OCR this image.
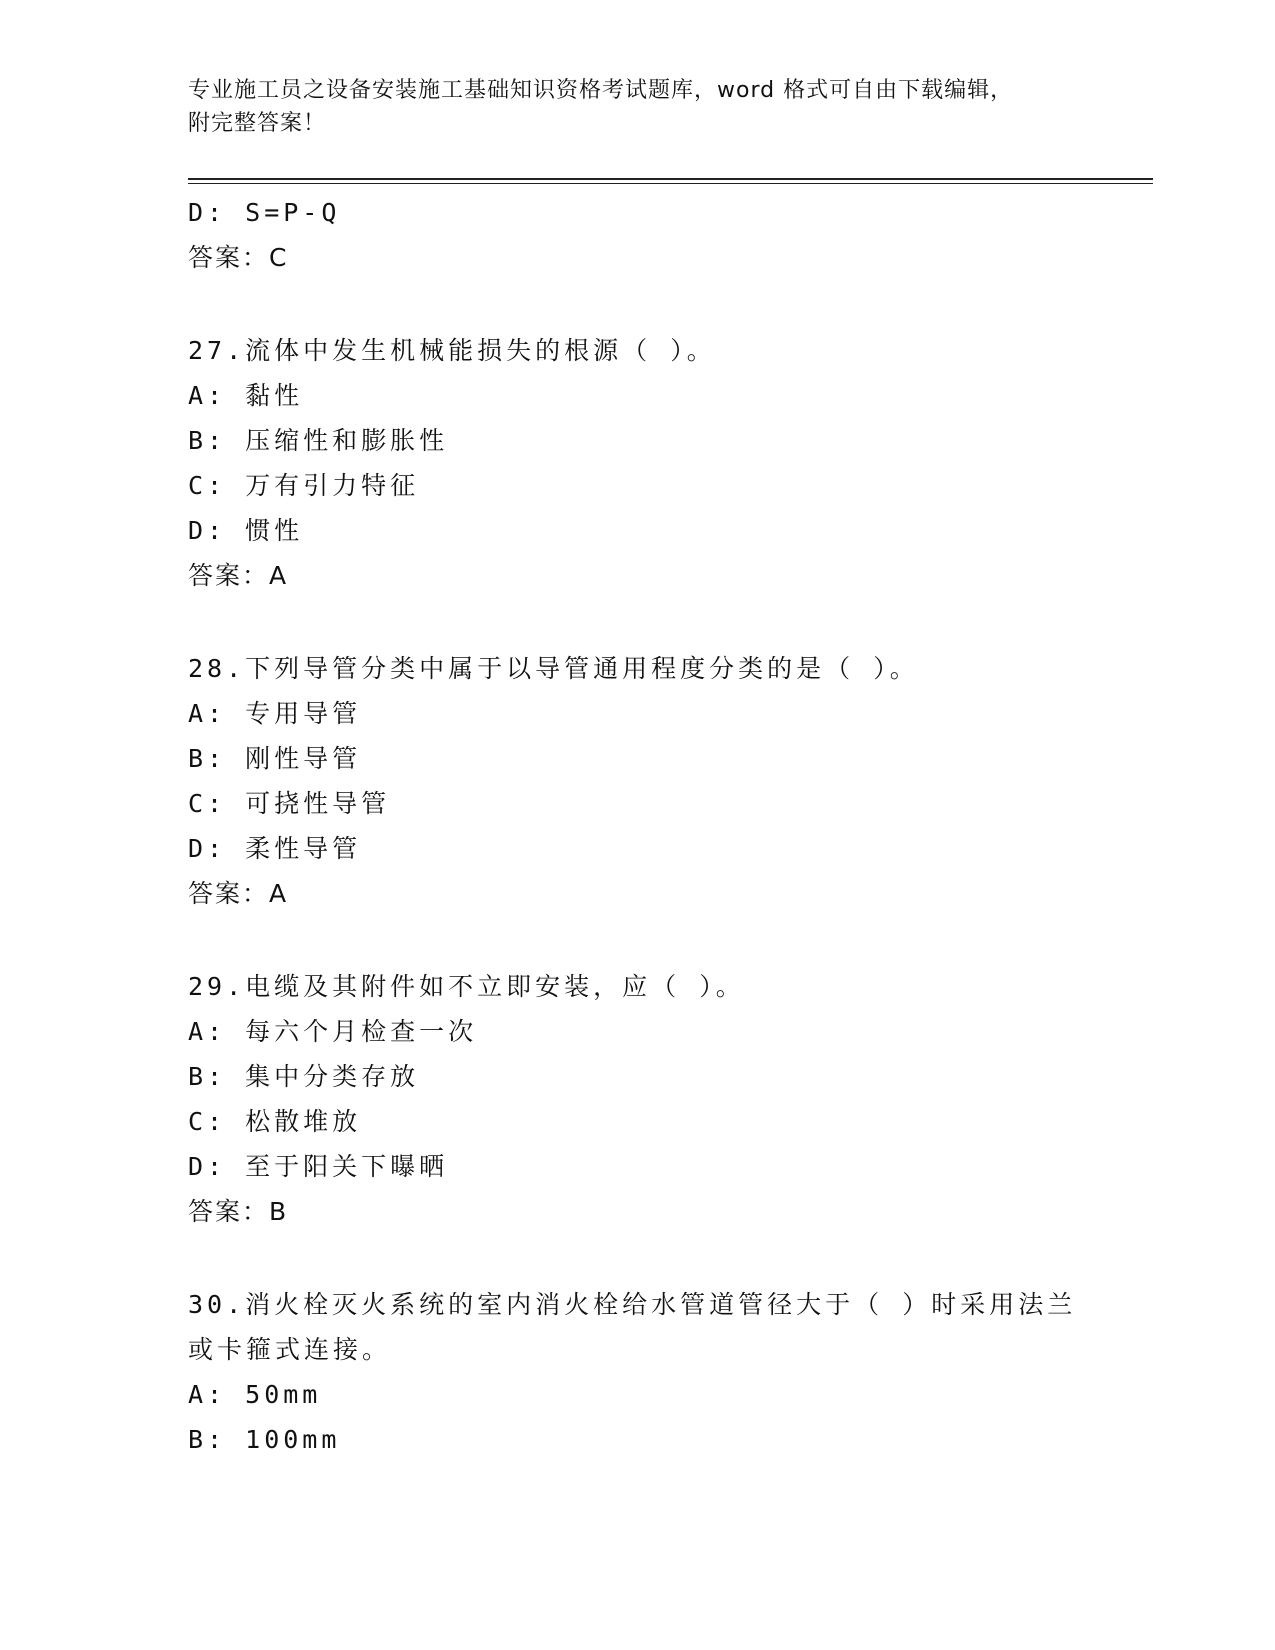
专业施工员之设备安装施工基础知识资格考试题库，word 格式可自由下载编辑，
附完整答案！
D: S=P-Q
答案：C
27.流体中发生机械能损失的根源（ ）。
A: 黏性
B: 压缩性和膨胀性
C: 万有引力特征
D: 惯性
答案：A
28.下列导管分类中属于以导管通用程度分类的是（ ）。
A: 专用导管
B: 刚性导管
C: 可挠性导管
D: 柔性导管
答案：A
29.电缆及其附件如不立即安装，应（ ）。
A: 每六个月检查一次
B: 集中分类存放
C: 松散堆放
D: 至于阳关下曝晒
答案：B
30.消火栓灭火系统的室内消火栓给水管道管径大于（ ）时采用法兰
或卡箍式连接。
A: 50mm
B: 100mm
